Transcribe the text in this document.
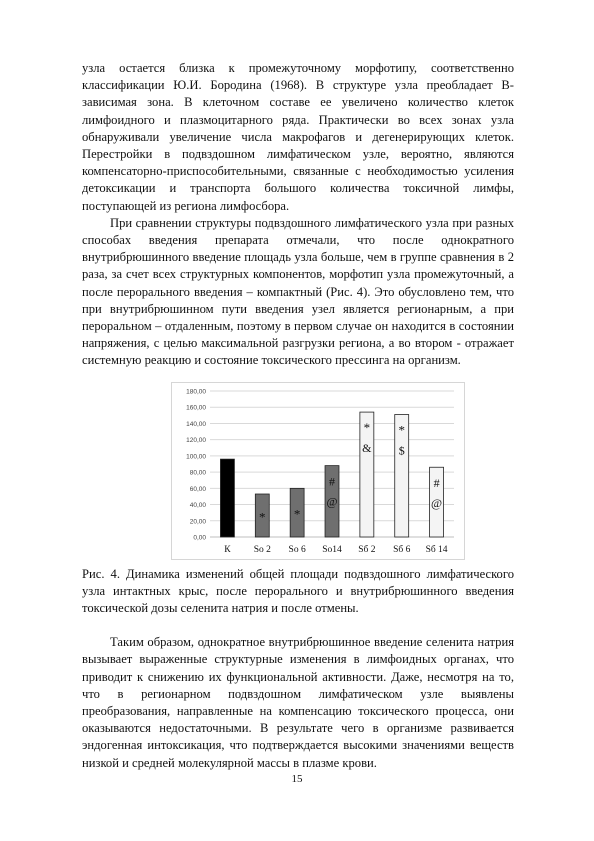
узла остается близка к промежуточному морфотипу, соответственно классификации Ю.И. Бородина (1968). В структуре узла преобладает В-зависимая зона. В клеточном составе ее увеличено количество клеток лимфоидного и плазмоцитарного ряда. Практически во всех зонах узла обнаруживали увеличение числа макрофагов и дегенерирующих клеток. Перестройки в подвздошном лимфатическом узле, вероятно, являются компенсаторно-приспособительными, связанные с необходимостью усиления детоксикации и транспорта большого количества токсичной лимфы, поступающей из региона лимфосбора.

При сравнении структуры подвздошного лимфатического узла при разных способах введения препарата отмечали, что после однократного внутрибрюшинного введение площадь узла больше, чем в группе сравнения в 2 раза, за счет всех структурных компонентов, морфотип узла промежуточный, а после перорального введения – компактный (Рис. 4). Это обусловлено тем, что при внутрибрюшинном пути введения узел является регионарным, а при пероральном – отдаленным, поэтому в первом случае он находится в состоянии напряжения, с целью максимальной разгрузки региона, а во втором - отражает системную реакцию и состояние токсического прессинга на организм.

0,00
20,00
40,00
60,00
80,00
100,00
120,00
140,00
160,00
180,00
К So 2
*
So 6
*
So14
#
@
Sб 2
*
&
Sб 6
*
$
Sб 14
#
@

Рис. 4. Динамика изменений общей площади подвздошного лимфатического узла интактных крыс, после перорального и внутрибрюшинного введения токсической дозы селенита натрия и после отмены.

Таким образом, однократное внутрибрюшинное введение селенита натрия вызывает выраженные структурные изменения в лимфоидных органах, что приводит к снижению их функциональной активности. Даже, несмотря на то, что в регионарном подвздошном лимфатическом узле выявлены преобразования, направленные на компенсацию токсического процесса, они оказываются недостаточными. В результате чего в организме развивается эндогенная интоксикация, что подтверждается высокими значениями веществ низкой и средней молекулярной массы в плазме крови.

15
